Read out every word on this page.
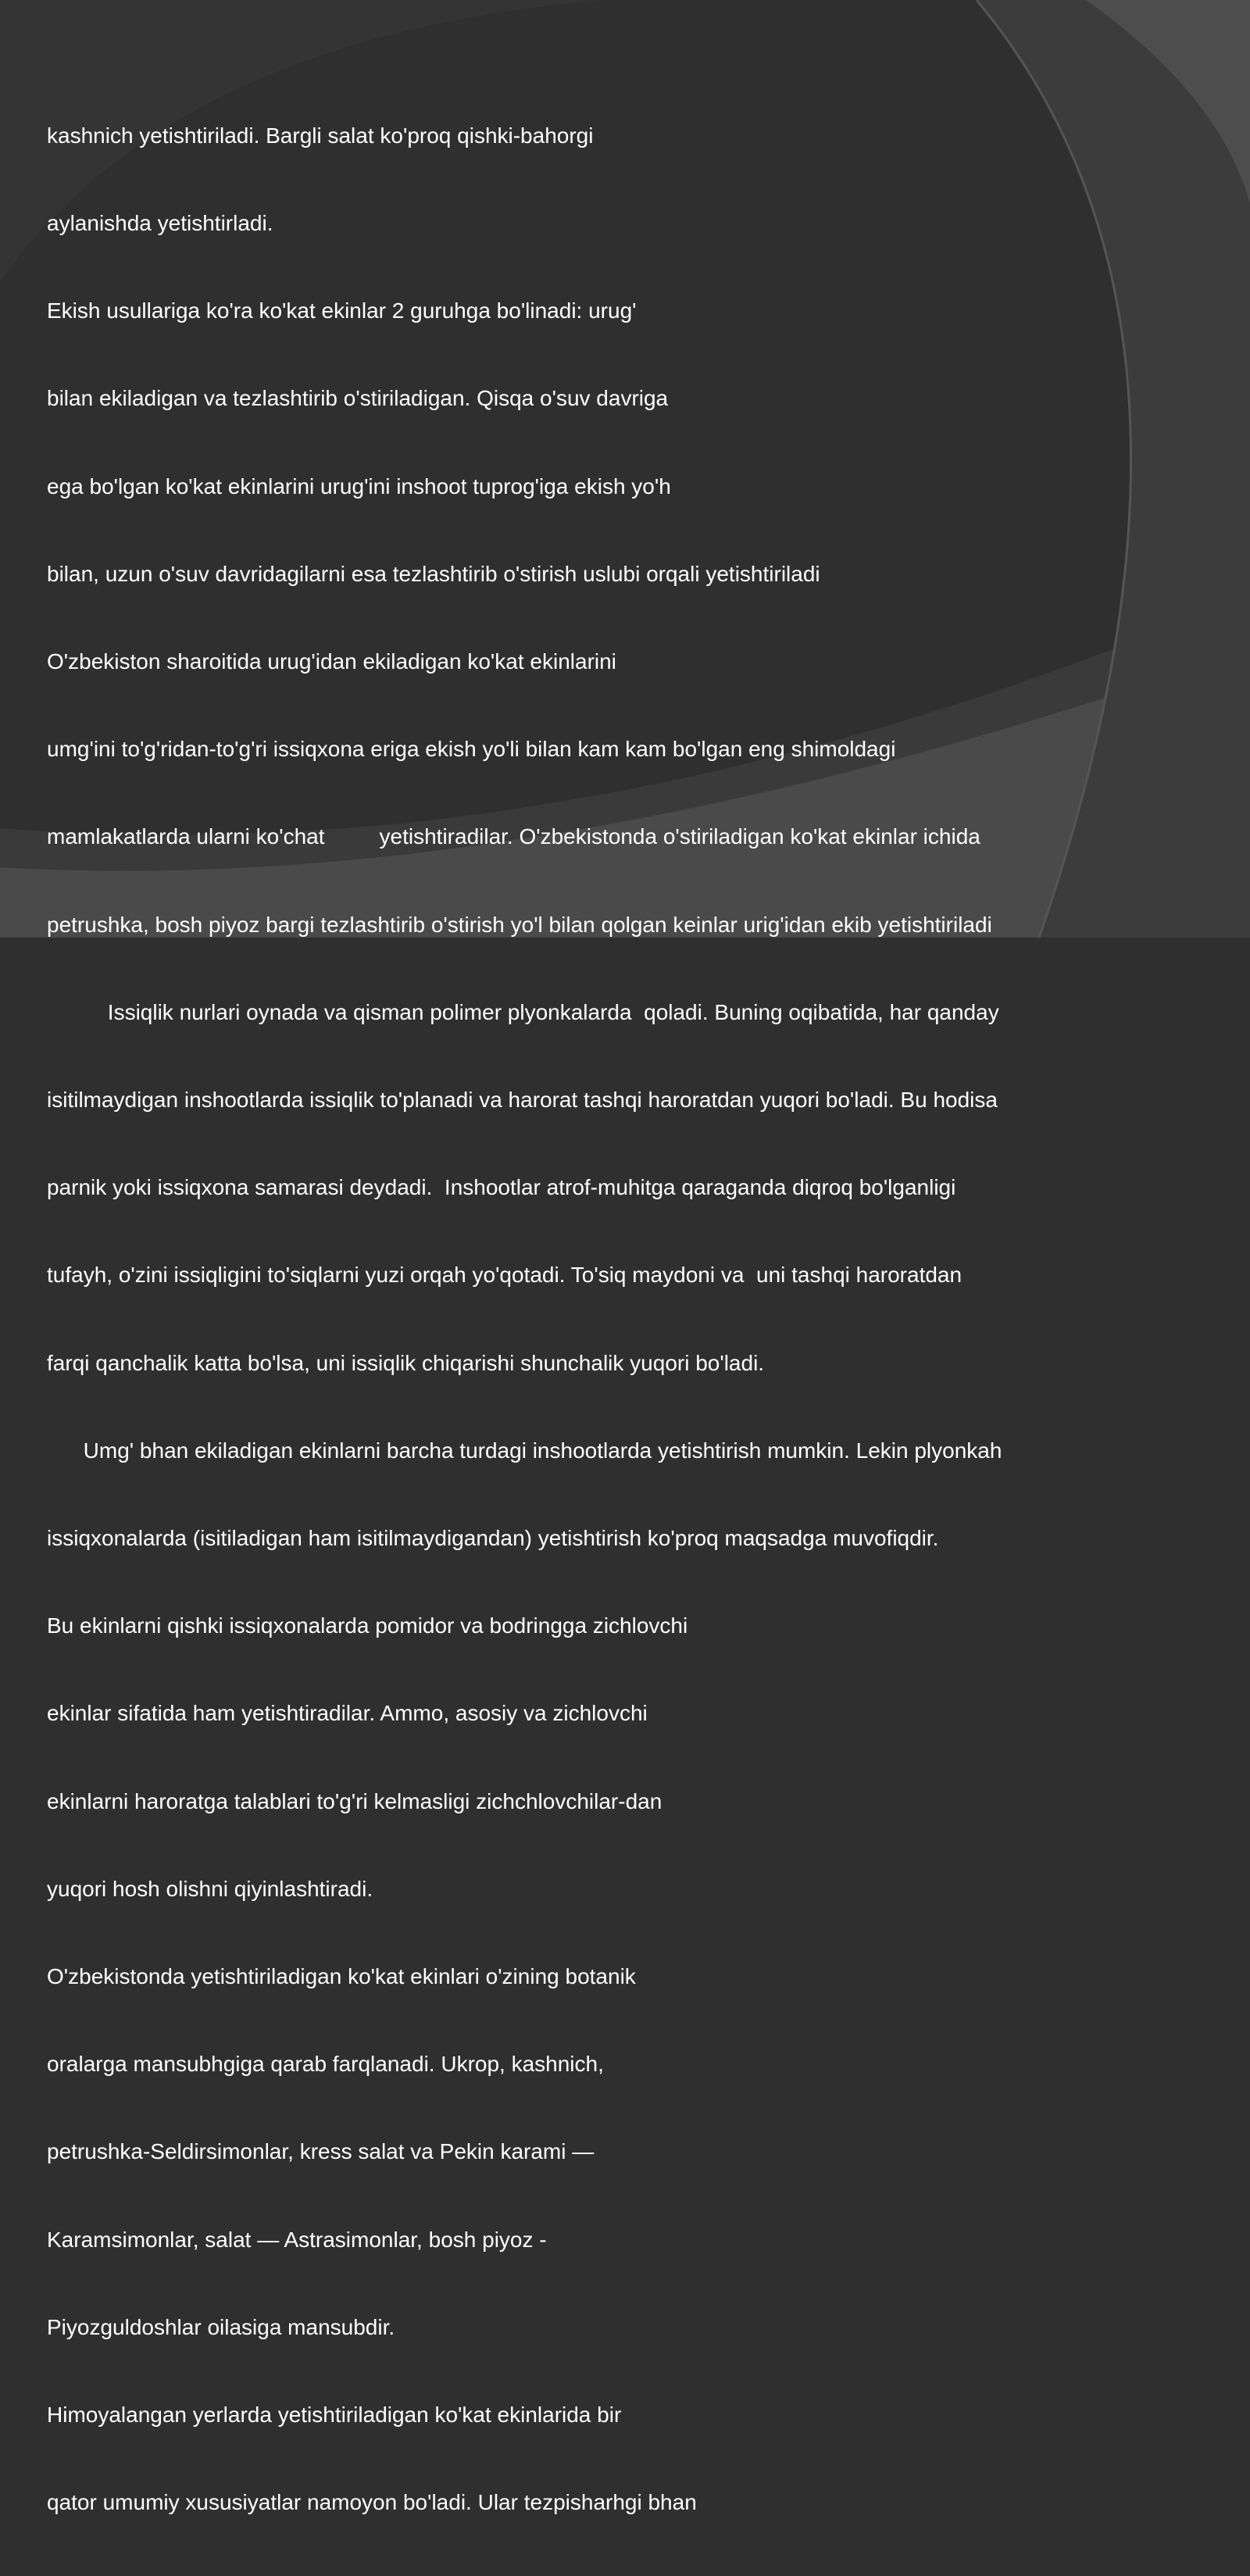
kashnich yetishtiriladi. Bargli salat ko'proq qishki-bahorgi

aylanishda yetishtirladi.

Ekish usullariga ko'ra ko'kat ekinlar 2 guruhga bo'linadi: urug'

bilan ekiladigan va tezlashtirib o'stiriladigan. Qisqa o'suv davriga

ega bo'lgan ko'kat ekinlarini urug'ini inshoot tuprog'iga ekish yo'h

bilan, uzun o'suv davridagilarni esa tezlashtirib o'stirish uslubi orqali yetishtiriladi

O'zbekiston sharoitida urug'idan ekiladigan ko'kat ekinlarini

umg'ini to'g'ridan-to'g'ri issiqxona eriga ekish yo'li bilan kam kam bo'lgan eng shimoldagi

mamlakatlarda ularni ko'chat         yetishtiradilar. O'zbekistonda o'stiriladigan ko'kat ekinlar ichida

petrushka, bosh piyoz bargi tezlashtirib o'stirish yo'l bilan qolgan keinlar urig'idan ekib yetishtiriladi

Issiqlik nurlari oynada va qisman polimer plyonkalarda  qoladi. Buning oqibatida, har qanday

isitilmaydigan inshootlarda issiqlik to'planadi va harorat tashqi haroratdan yuqori bo'ladi. Bu hodisa

parnik yoki issiqxona samarasi deydadi.  Inshootlar atrof-muhitga qaraganda diqroq bo'lganligi

tufayh, o'zini issiqligini to'siqlarni yuzi orqah yo'qotadi. To'siq maydoni va  uni tashqi haroratdan

farqi qanchalik katta bo'lsa, uni issiqlik chiqarishi shunchalik yuqori bo'ladi.

Umg' bhan ekiladigan ekinlarni barcha turdagi inshootlarda yetishtirish mumkin. Lekin plyonkah

issiqxonalarda (isitiladigan ham isitilmaydigandan) yetishtirish ko'proq maqsadga muvofiqdir.

Bu ekinlarni qishki issiqxonalarda pomidor va bodringga zichlovchi

ekinlar sifatida ham yetishtiradilar. Ammo, asosiy va zichlovchi

ekinlarni haroratga talablari to'g'ri kelmasligi zichchlovchilar-dan

yuqori hosh olishni qiyinlashtiradi.

O'zbekistonda yetishtiriladigan ko'kat ekinlari o'zining botanik

oralarga mansubhgiga qarab farqlanadi. Ukrop, kashnich,

petrushka-Seldirsimonlar, kress salat va Pekin karami —

Karamsimonlar, salat — Astrasimonlar, bosh piyoz -

Piyozguldoshlar oilasiga mansubdir.

Himoyalangan yerlarda yetishtiriladigan ko'kat ekinlarida bir

qator umumiy xususiyatlar namoyon bo'ladi. Ular tezpisharhgi bhan
